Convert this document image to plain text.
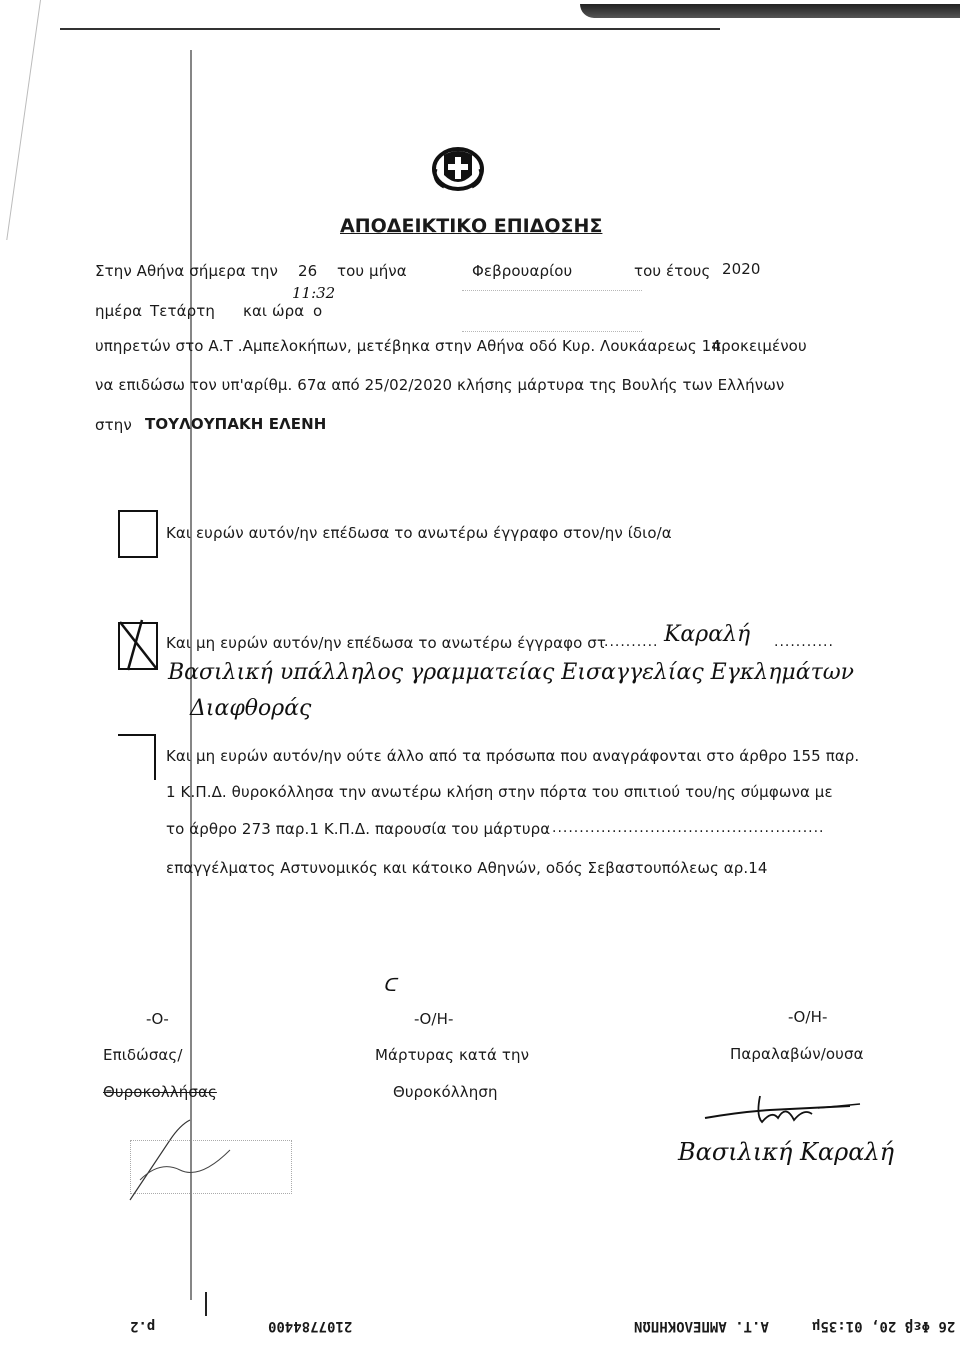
ΑΠΟΔΕΙΚΤΙΚΟ ΕΠΙΔΟΣΗΣ
Στην Αθήνα σήμερα την 26 του μήνα	Φεβρουαρίου	του έτους 2020
ημέρα Τετάρτη και ώρα
11:32
ο
υπηρετών στο Α.Τ .Αμπελοκήπων, μετέβηκα στην Αθήνα οδό Κυρ. Λουκάαρεως 14
προκειμένου
να επιδώσω τον υπ'αρίθμ. 67α από 25/02/2020 κλήσης μάρτυρα της Βουλής των Ελλήνων
στην ΤΟΥΛΟΥΠΑΚΗ ΕΛΕΝΗ
Και ευρών αυτόν/ην επέδωσα το ανωτέρω έγγραφο στον/ην ίδιο/α
Και μη ευρών αυτόν/ην επέδωσα το ανωτέρω έγγραφο στ
.......... Καραλή ...........
Βασιλική υπάλληλος γραμματείας Εισαγγελίας Εγκλημάτων
Διαφθοράς
Και μη ευρών αυτόν/ην ούτε άλλο από τα πρόσωπα που αναγράφονται στο άρθρο 155 παρ.
1 Κ.Π.Δ. θυροκόλλησα την ανωτέρω κλήση στην πόρτα του σπιτιού του/ης σύμφωνα με
το άρθρο 273 παρ.1 Κ.Π.Δ. παρουσία του μάρτυρα ..................................................
επαγγέλματος Αστυνομικός και κάτοικο Αθηνών, οδός Σεβαστουπόλεως αρ.14
ᑕ
-Ο-	-Ο/Η-	-Ο/Η-
Επιδώσας/	Μάρτυρας κατά την	Παραλαβών/ουσα
Θυροκολλήσας	Θυροκόλληση
Βασιλική Καραλή
p.2	2107784400	Α.Τ. ΑΜΠΕΛΟΚΗΠΩΝ	26 Φεβ 20, 01:35μ
